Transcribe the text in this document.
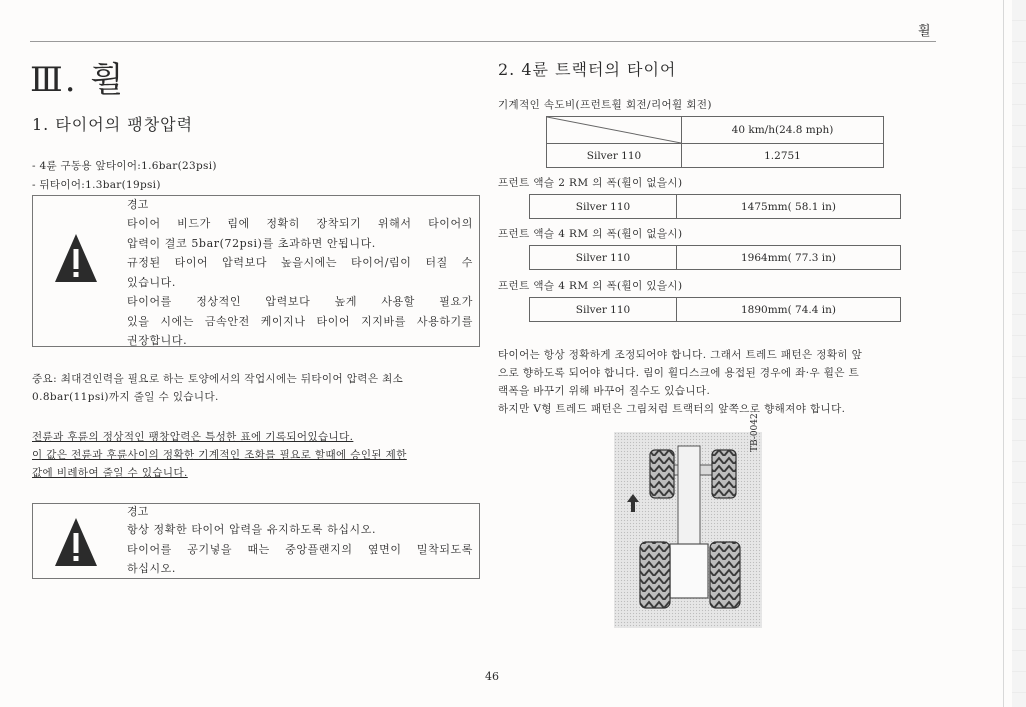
휠
Ⅲ. 휠
1. 타이어의 팽창압력
- 4륜 구동용 앞타이어:1.6bar(23psi)
- 뒤타이어:1.3bar(19psi)
경고
타이어 비드가 림에 정확히 장착되기 위해서 타이어의
압력이 결코 5bar(72psi)를 초과하면 안됩니다.
규정된 타이어 압력보다 높을시에는 타이어/림이 터질 수
있습니다.
타이어를 정상적인 압력보다 높게 사용할 필요가
있을 시에는 금속안전 케이지나 타이어 지지바를 사용하기를
권장합니다.
중요: 최대견인력을 필요로 하는 토양에서의 작업시에는 뒤타이어 압력은 최소
0.8bar(11psi)까지 줄일 수 있습니다.
전륜과 후륜의 정상적인 팽창압력은 특성한 표에 기록되어있습니다.
이 값은 전륜과 후륜사이의 정확한 기계적인 조화를 필요로 할때에 승인된 제한
값에 비례하여 줄일 수 있습니다.
경고
항상 정확한 타이어 압력을 유지하도록 하십시오.
타이어를 공기넣을 때는 중앙플랜지의 옆면이 밀착되도록
하십시오.
2. 4륜 트랙터의 타이어
기계적인 속도비(프런트휠 회전/리어휠 회전)
	40 km/h(24.8 mph)
Silver 110	1.2751
프런트 액슬 2 RM 의 폭(휠이 없을시)
Silver 110	1475mm( 58.1 in)
프런트 액슬 4 RM 의 폭(휠이 없을시)
Silver 110	1964mm( 77.3 in)
프런트 액슬 4 RM 의 폭(휠이 있을시)
Silver 110	1890mm( 74.4 in)
타이어는 항상 정확하게 조정되어야 합니다. 그래서 트레드 패턴은 정확히 앞
으로 향하도록 되어야 합니다. 림이 휠디스크에 용접된 경우에 좌·우 휠은 트
랙폭을 바꾸기 위해 바꾸어 질수도 있습니다.
하지만 V형 트레드 패턴은 그림처럼 트랙터의 앞쪽으로 향해져야 합니다.
TB-0042
46
